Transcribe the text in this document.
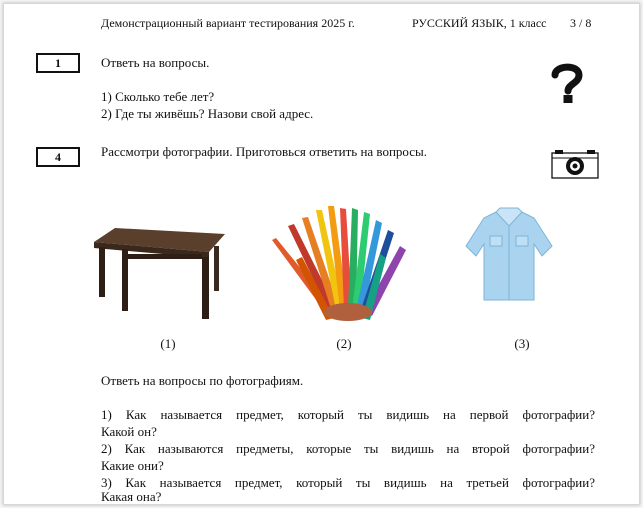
Демонстрационный вариант тестирования 2025 г.	РУССКИЙ ЯЗЫК, 1 класс 3 / 8
1	Ответь на вопросы.
1) Сколько тебе лет?
2) Где ты живёшь? Назови свой адрес.
4	Рассмотри фотографии. Приготовься ответить на вопросы.
(1)	(2)	(3)
Ответь на вопросы по фотографиям.
1) Как называется предмет, который ты видишь на первой фотографии?
Какой он?
2) Как называются предметы, которые ты видишь на второй фотографии?
Какие они?
3) Как называется предмет, который ты видишь на третьей фотографии?
Какая она?
